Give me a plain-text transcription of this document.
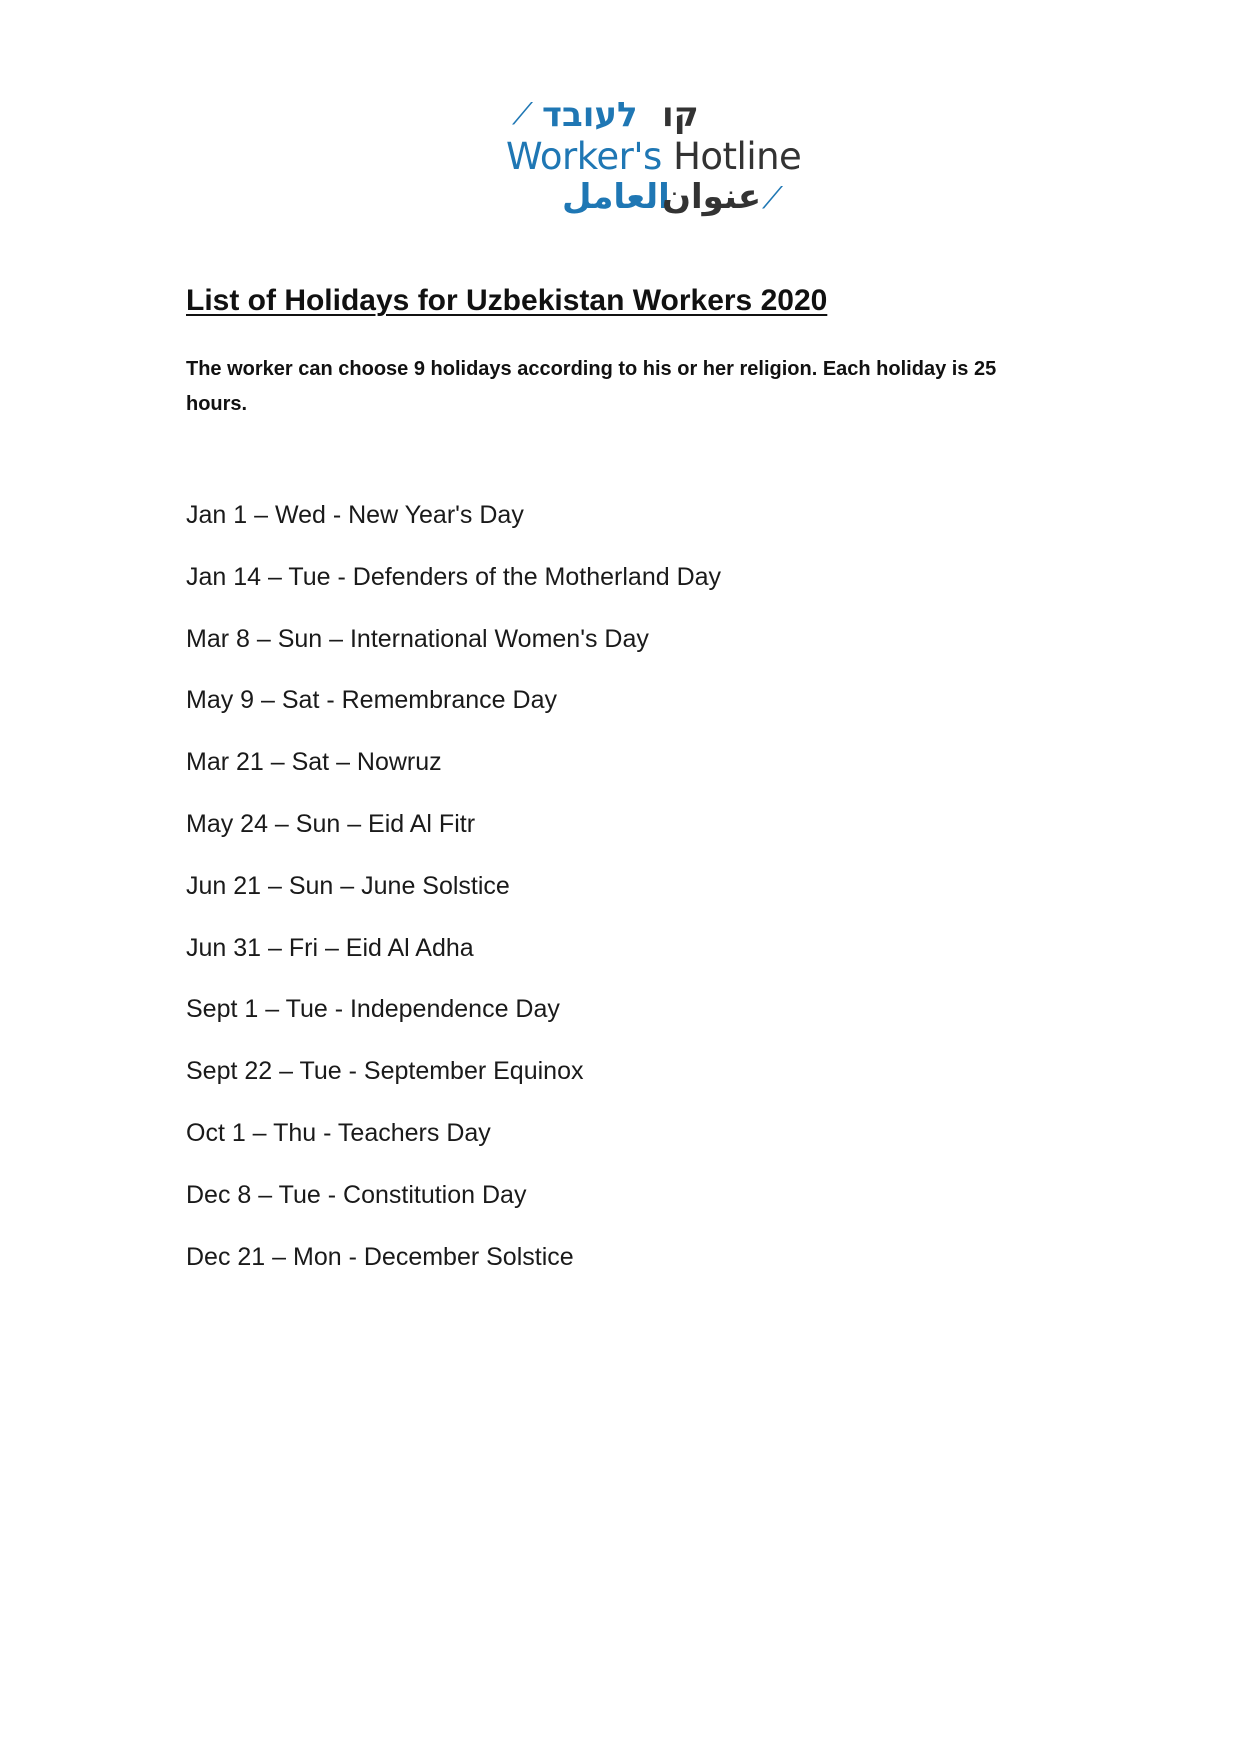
⟋ לעובד קו
Worker's Hotline
العامل
عنوان ⟋
List of Holidays for Uzbekistan Workers 2020

The worker can choose 9 holidays according to his or her religion. Each holiday is 25 hours.

Jan 1 – Wed - New Year's Day
Jan 14 – Tue - Defenders of the Motherland Day
Mar 8 – Sun – International Women's Day
May 9 – Sat - Remembrance Day
Mar 21 – Sat – Nowruz
May 24 – Sun – Eid Al Fitr
Jun 21 – Sun – June Solstice
Jun 31 – Fri – Eid Al Adha
Sept 1 – Tue - Independence Day
Sept 22 – Tue - September Equinox
Oct 1 – Thu - Teachers Day
Dec 8 – Tue - Constitution Day
Dec 21 – Mon - December Solstice
